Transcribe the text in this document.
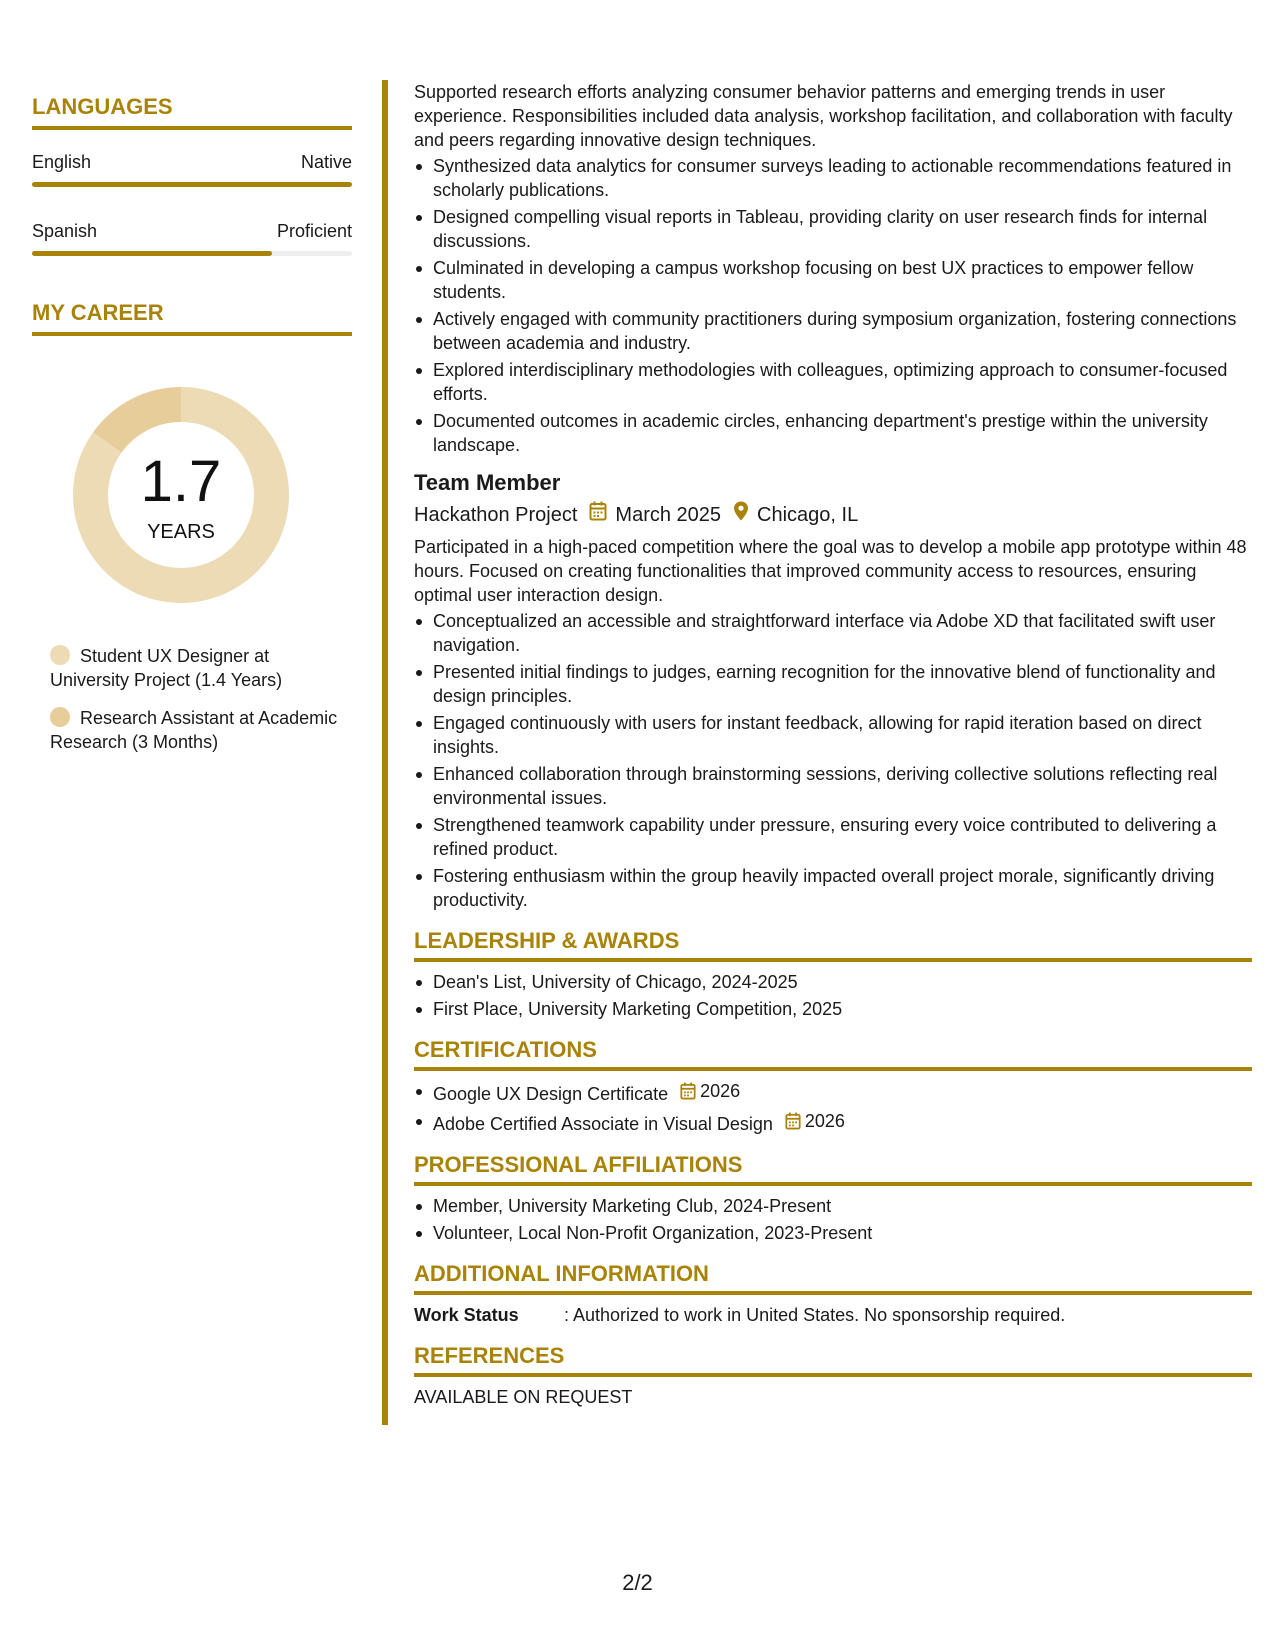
LANGUAGES
English	Native
Spanish	Proficient
MY CAREER
1.7
YEARS
Student UX Designer at University Project (1.4 Years)
Research Assistant at Academic Research (3 Months)
Supported research efforts analyzing consumer behavior patterns and emerging trends in user experience. Responsibilities included data analysis, workshop facilitation, and collaboration with faculty and peers regarding innovative design techniques.
Synthesized data analytics for consumer surveys leading to actionable recommendations featured in scholarly publications.
Designed compelling visual reports in Tableau, providing clarity on user research finds for internal discussions.
Culminated in developing a campus workshop focusing on best UX practices to empower fellow students.
Actively engaged with community practitioners during symposium organization, fostering connections between academia and industry.
Explored interdisciplinary methodologies with colleagues, optimizing approach to consumer-focused efforts.
Documented outcomes in academic circles, enhancing department's prestige within the university landscape.
Team Member
Hackathon Project March 2025 Chicago, IL
Participated in a high-paced competition where the goal was to develop a mobile app prototype within 48 hours. Focused on creating functionalities that improved community access to resources, ensuring optimal user interaction design.
Conceptualized an accessible and straightforward interface via Adobe XD that facilitated swift user navigation.
Presented initial findings to judges, earning recognition for the innovative blend of functionality and design principles.
Engaged continuously with users for instant feedback, allowing for rapid iteration based on direct insights.
Enhanced collaboration through brainstorming sessions, deriving collective solutions reflecting real environmental issues.
Strengthened teamwork capability under pressure, ensuring every voice contributed to delivering a refined product.
Fostering enthusiasm within the group heavily impacted overall project morale, significantly driving productivity.
LEADERSHIP & AWARDS
Dean's List, University of Chicago, 2024-2025
First Place, University Marketing Competition, 2025
CERTIFICATIONS
Google UX Design Certificate 2026
Adobe Certified Associate in Visual Design 2026
PROFESSIONAL AFFILIATIONS
Member, University Marketing Club, 2024-Present
Volunteer, Local Non-Profit Organization, 2023-Present
ADDITIONAL INFORMATION
Work Status	: Authorized to work in United States. No sponsorship required.
REFERENCES
AVAILABLE ON REQUEST
2/2
